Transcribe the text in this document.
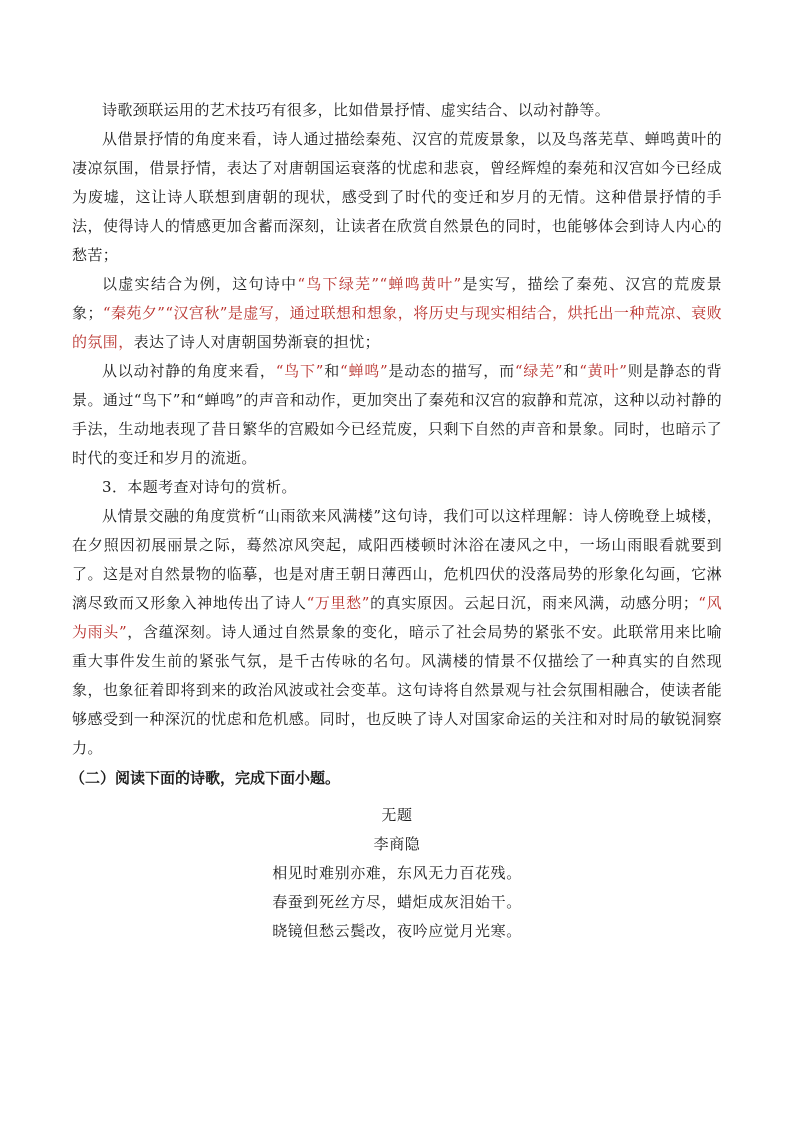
诗歌颈联运用的艺术技巧有很多，比如借景抒情、虚实结合、以动衬静等。

从借景抒情的角度来看，诗人通过描绘秦苑、汉宫的荒废景象，以及鸟落芜草、蝉鸣黄叶的凄凉氛围，借景抒情，表达了对唐朝国运衰落的忧虑和悲哀，曾经辉煌的秦苑和汉宫如今已经成为废墟，这让诗人联想到唐朝的现状，感受到了时代的变迁和岁月的无情。这种借景抒情的手法，使得诗人的情感更加含蓄而深刻，让读者在欣赏自然景色的同时，也能够体会到诗人内心的愁苦；

以虚实结合为例，这句诗中“鸟下绿芜”“蝉鸣黄叶”是实写，描绘了秦苑、汉宫的荒废景象；“秦苑夕”“汉宫秋”是虚写，通过联想和想象，将历史与现实相结合，烘托出一种荒凉、衰败的氛围，表达了诗人对唐朝国势渐衰的担忧；

从以动衬静的角度来看，“鸟下”和“蝉鸣”是动态的描写，而“绿芜”和“黄叶”则是静态的背景。通过“鸟下”和“蝉鸣”的声音和动作，更加突出了秦苑和汉宫的寂静和荒凉，这种以动衬静的手法，生动地表现了昔日繁华的宫殿如今已经荒废，只剩下自然的声音和景象。同时，也暗示了时代的变迁和岁月的流逝。

3．本题考查对诗句的赏析。

从情景交融的角度赏析“山雨欲来风满楼”这句诗，我们可以这样理解：诗人傍晚登上城楼，在夕照因初展丽景之际，蓦然凉风突起，咸阳西楼顿时沐浴在凄风之中，一场山雨眼看就要到了。这是对自然景物的临摹，也是对唐王朝日薄西山，危机四伏的没落局势的形象化勾画，它淋漓尽致而又形象入神地传出了诗人“万里愁”的真实原因。云起日沉，雨来风满，动感分明；“风为雨头”，含蕴深刻。诗人通过自然景象的变化，暗示了社会局势的紧张不安。此联常用来比喻重大事件发生前的紧张气氛，是千古传咏的名句。风满楼的情景不仅描绘了一种真实的自然现象，也象征着即将到来的政治风波或社会变革。这句诗将自然景观与社会氛围相融合，使读者能够感受到一种深沉的忧虑和危机感。同时，也反映了诗人对国家命运的关注和对时局的敏锐洞察力。

（二）阅读下面的诗歌，完成下面小题。

无题

李商隐

相见时难别亦难，东风无力百花残。

春蚕到死丝方尽，蜡炬成灰泪始干。

晓镜但愁云鬓改，夜吟应觉月光寒。
